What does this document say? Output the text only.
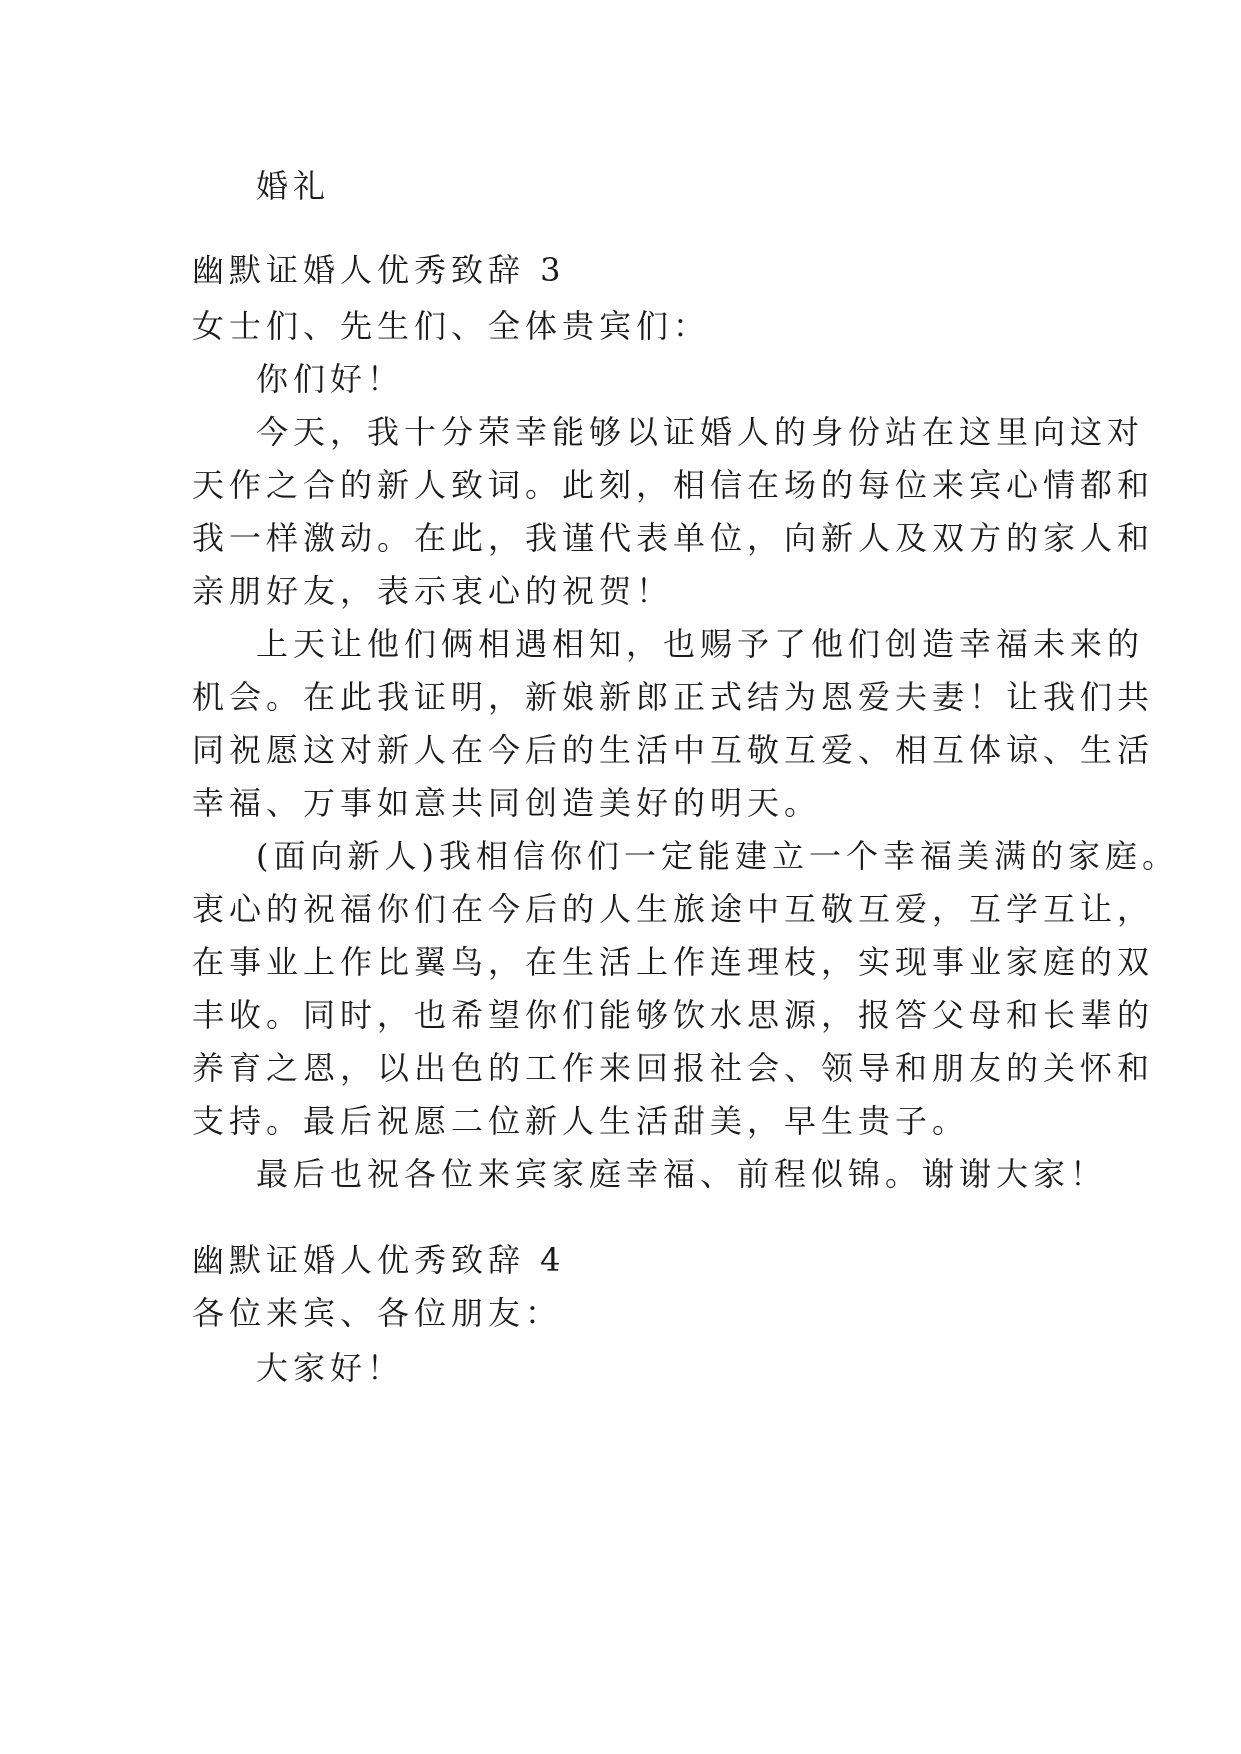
婚礼
幽默证婚人优秀致辞 3
女士们、先生们、全体贵宾们：
你们好！
今天，我十分荣幸能够以证婚人的身份站在这里向这对
天作之合的新人致词。此刻，相信在场的每位来宾心情都和
我一样激动。在此，我谨代表单位，向新人及双方的家人和
亲朋好友，表示衷心的祝贺！
上天让他们俩相遇相知，也赐予了他们创造幸福未来的
机会。在此我证明，新娘新郎正式结为恩爱夫妻！让我们共
同祝愿这对新人在今后的生活中互敬互爱、相互体谅、生活
幸福、万事如意共同创造美好的明天。
(面向新人)我相信你们一定能建立一个幸福美满的家庭。
衷心的祝福你们在今后的人生旅途中互敬互爱，互学互让，
在事业上作比翼鸟，在生活上作连理枝，实现事业家庭的双
丰收。同时，也希望你们能够饮水思源，报答父母和长辈的
养育之恩，以出色的工作来回报社会、领导和朋友的关怀和
支持。最后祝愿二位新人生活甜美，早生贵子。
最后也祝各位来宾家庭幸福、前程似锦。谢谢大家！
幽默证婚人优秀致辞 4
各位来宾、各位朋友：
大家好！
